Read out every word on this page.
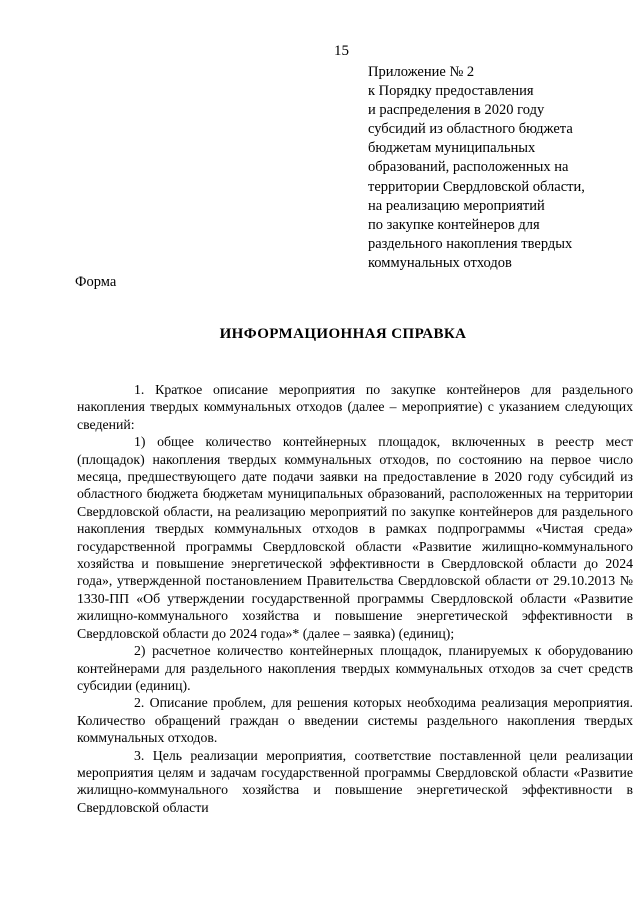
15
Приложение № 2
к Порядку предоставления
и распределения в 2020 году
субсидий из областного бюджета
бюджетам муниципальных
образований, расположенных на
территории Свердловской области,
на реализацию мероприятий
по закупке контейнеров для
раздельного накопления твердых
коммунальных отходов
Форма
ИНФОРМАЦИОННАЯ СПРАВКА
1. Краткое описание мероприятия по закупке контейнеров для раздельного накопления твердых коммунальных отходов (далее – мероприятие) с указанием следующих сведений:
1) общее количество контейнерных площадок, включенных в реестр мест (площадок) накопления твердых коммунальных отходов, по состоянию на первое число месяца, предшествующего дате подачи заявки на предоставление в 2020 году субсидий из областного бюджета бюджетам муниципальных образований, расположенных на территории Свердловской области, на реализацию мероприятий по закупке контейнеров для раздельного накопления твердых коммунальных отходов в рамках подпрограммы «Чистая среда» государственной программы Свердловской области «Развитие жилищно-коммунального хозяйства и повышение энергетической эффективности в Свердловской области до 2024 года», утвержденной постановлением Правительства Свердловской области от 29.10.2013 № 1330-ПП «Об утверждении государственной программы Свердловской области «Развитие жилищно-коммунального хозяйства и повышение энергетической эффективности в Свердловской области до 2024 года»* (далее – заявка) (единиц);
2) расчетное количество контейнерных площадок, планируемых к оборудованию контейнерами для раздельного накопления твердых коммунальных отходов за счет средств субсидии (единиц).
2. Описание проблем, для решения которых необходима реализация мероприятия. Количество обращений граждан о введении системы раздельного накопления твердых коммунальных отходов.
3. Цель реализации мероприятия, соответствие поставленной цели реализации мероприятия целям и задачам государственной программы Свердловской области «Развитие жилищно-коммунального хозяйства и повышение энергетической эффективности в Свердловской области
